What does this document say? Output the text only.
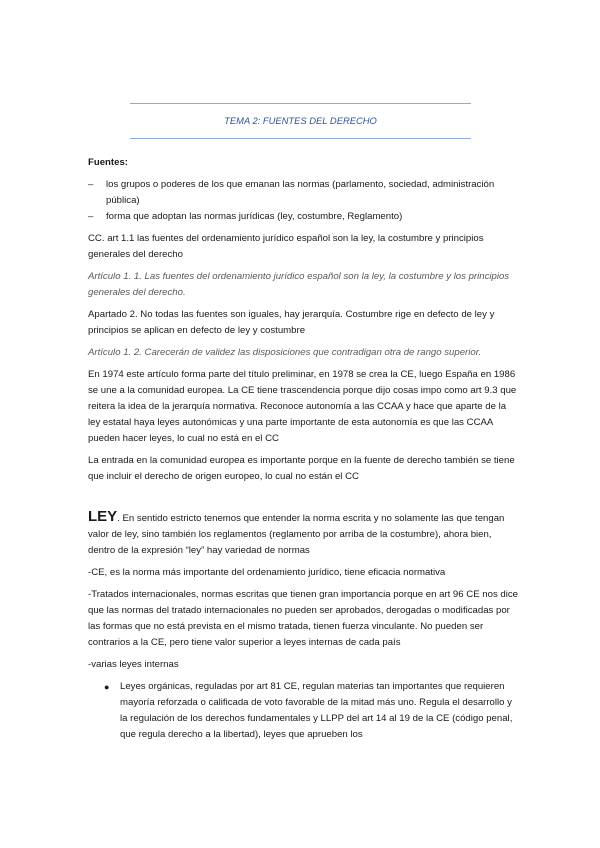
TEMA 2: FUENTES DEL DERECHO

Fuentes:

– los grupos o poderes de los que emanan las normas (parlamento, sociedad, administración pública)
– forma que adoptan las normas jurídicas (ley, costumbre, Reglamento)

CC. art 1.1 las fuentes del ordenamiento jurídico español son la ley, la costumbre y principios generales del derecho

Artículo 1. 1. Las fuentes del ordenamiento jurídico español son la ley, la costumbre y los principios generales del derecho.

Apartado 2. No todas las fuentes son iguales, hay jerarquía. Costumbre rige en defecto de ley y principios se aplican en defecto de ley y costumbre

Artículo 1. 2. Carecerán de validez las disposiciones que contradigan otra de rango superior.

En 1974 este artículo forma parte del título preliminar, en 1978 se crea la CE, luego España en 1986 se une a la comunidad europea. La CE tiene trascendencia porque dijo cosas impo como art 9.3 que reitera la idea de la jerarquía normativa. Reconoce autonomía a las CCAA y hace que aparte de la ley estatal haya leyes autonómicas y una parte importante de esta autonomía es que las CCAA pueden hacer leyes, lo cual no está en el CC

La entrada en la comunidad europea es importante porque en la fuente de derecho también se tiene que incluir el derecho de origen europeo, lo cual no están el CC

LEY. En sentido estricto tenemos que entender la norma escrita y no solamente las que tengan valor de ley, sino también los reglamentos (reglamento por arriba de la costumbre), ahora bien, dentro de la expresión “ley” hay variedad de normas

-CE, es la norma más importante del ordenamiento jurídico, tiene eficacia normativa

-Tratados internacionales, normas escritas que tienen gran importancia porque en art 96 CE nos dice que las normas del tratado internacionales no pueden ser aprobados, derogadas o modificadas por las formas que no está prevista en el mismo tratada, tienen fuerza vinculante. No pueden ser contrarios a la CE, pero tiene valor superior a leyes internas de cada país

-varias leyes internas

● Leyes orgánicas, reguladas por art 81 CE, regulan materias tan importantes que requieren mayoría reforzada o calificada de voto favorable de la mitad más uno. Regula el desarrollo y la regulación de los derechos fundamentales y LLPP del art 14 al 19 de la CE (código penal, que regula derecho a la libertad), leyes que aprueben los
